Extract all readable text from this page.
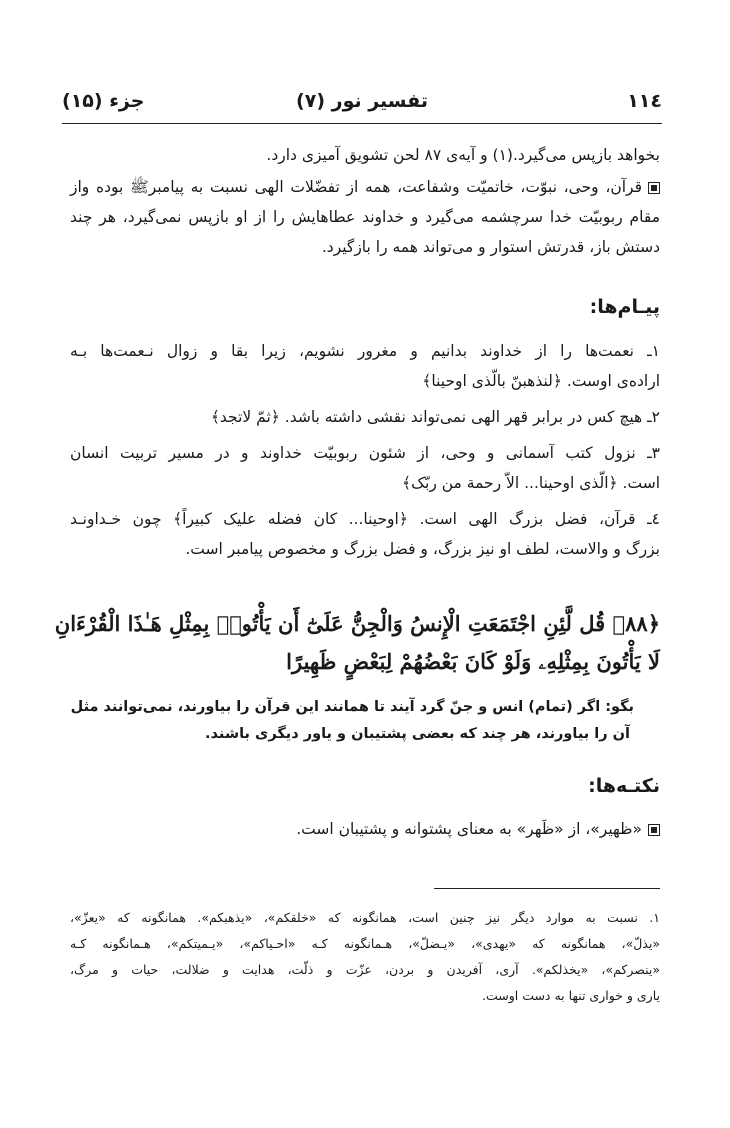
۱۱٤
تفسیر نور (۷)
جزء (۱۵)
بخواهد بازپس می‌گیرد.(۱) و آیه‌ی ۸۷ لحن تشویق آمیزی دارد.
قرآن، وحی، نبوّت، خاتمیّت وشفاعت، همه از تفضّلات الهی نسبت به پیامبرﷺ بوده واز
مقام ربوبیّت خدا سرچشمه می‌گیرد و خداوند عطاهایش را از او بازپس نمی‌گیرد، هر چند
دستش باز، قدرتش استوار و می‌تواند همه را بازگیرد.
پیـام‌ها:
۱ـ نعمت‌ها را از خداوند بدانیم و مغرور نشویم، زیرا بقا و زوال نـعمت‌ها بـه
اراده‌ی اوست. ﴿لنذهبنّ بالّذی اوحینا﴾
۲ـ هیچ کس در برابر قهر الهی نمی‌تواند نقشی داشته باشد. ﴿ثمّ لاتجد﴾
۳ـ نزول کتب آسمانی و وحی، از شئون ربوبیّت خداوند و در مسیر تربیت انسان
است. ﴿الّذی اوحینا... الاّ رحمة من ربّک﴾
٤ـ قرآن، فضل بزرگ الهی است. ﴿اوحینا... کان فضله علیک کبیراً﴾ چون خـداونـد
بزرگ و والاست، لطف او نیز بزرگ، و فضل بزرگ و مخصوص پیامبر است.
﴿۸۸﴾ قُل لَّئِنِ اجْتَمَعَتِ الْإِنسُ وَالْجِنُّ عَلَىٰٓ أَن يَأْتُوا۟ بِمِثْلِ هَـٰذَا الْقُرْءَانِ
لَا يَأْتُونَ بِمِثْلِهِۦ وَلَوْ كَانَ بَعْضُهُمْ لِبَعْضٍ ظَهِيرًا
بگو: اگر (تمام) انس و جنّ گرد آیند تا همانند این قرآن را بیاورند، نمی‌توانند مثل
آن را بیاورند، هر چند که بعضی پشتیبان و یاور دیگری باشند.
نکتـه‌ها:
«ظهیر»، از «ظَهر» به معنای پشتوانه و پشتیبان است.
۱. نسبت به موارد دیگر نیز چنین است، همانگونه که «خلقکم»، «یذهبکم». همانگونه که «یعزّ»،
«یذلّ»، همانگونه که «یهدی»، «یـضلّ»، هـمانگونه کـه «احـیاکم»، «یـمیتکم»، هـمانگونه کـه
«ینصرکم»، «یخذلکم». آری، آفریدن و بردن، عزّت و ذلّت، هدایت و ضلالت، حیات و مرگ،
یاری و خواری تنها به دست اوست.
